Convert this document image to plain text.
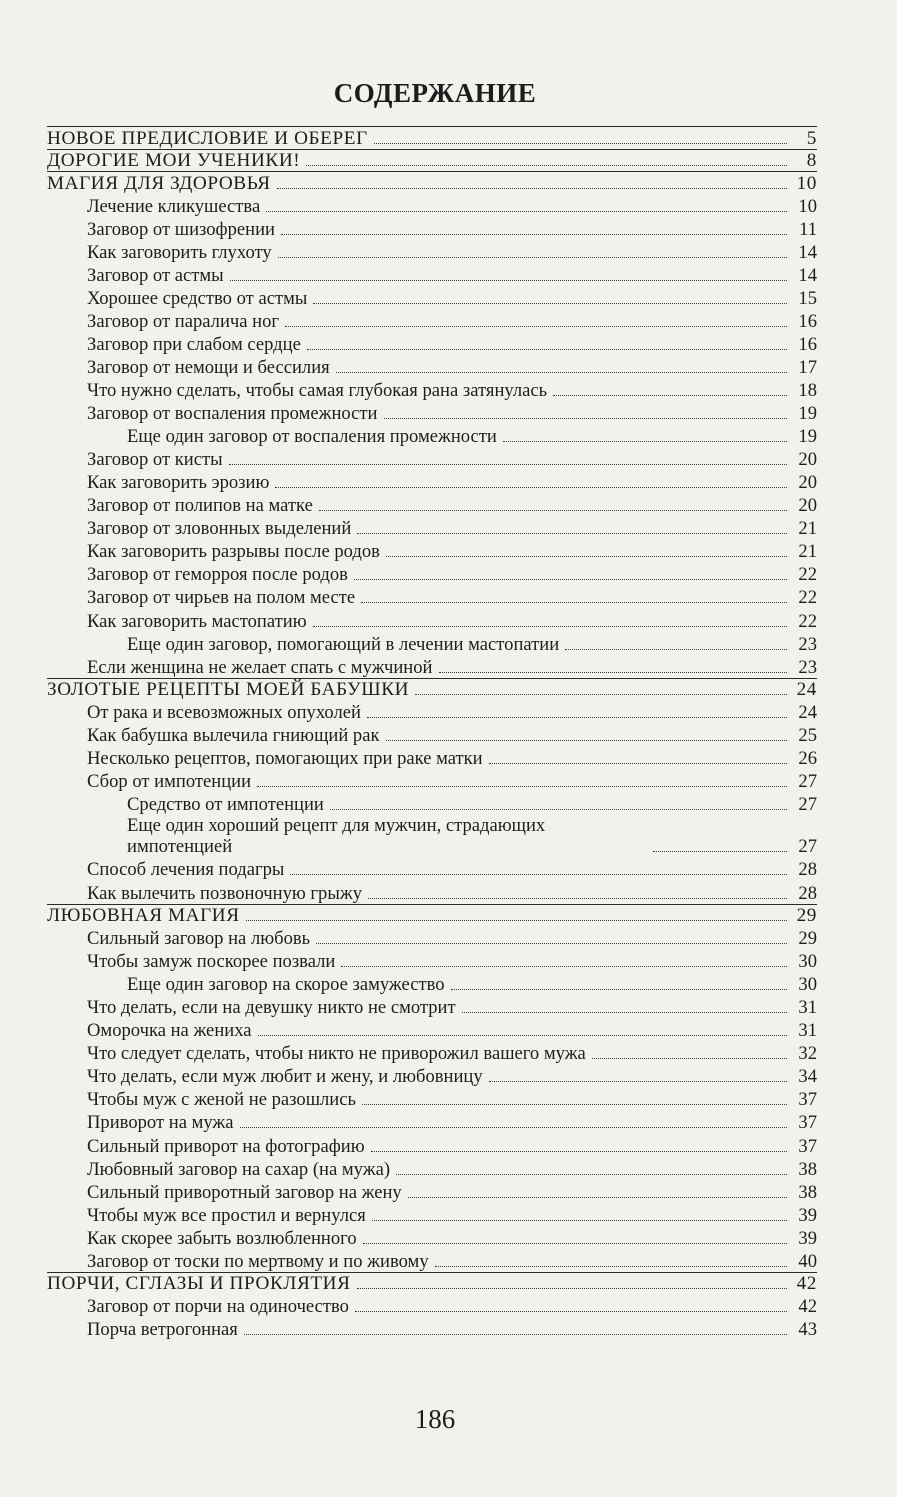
СОДЕРЖАНИЕ
НОВОЕ ПРЕДИСЛОВИЕ И ОБЕРЕГ	5
ДОРОГИЕ МОИ УЧЕНИКИ!	8
МАГИЯ ДЛЯ ЗДОРОВЬЯ	10
Лечение кликушества	10
Заговор от шизофрении	11
Как заговорить глухоту	14
Заговор от астмы	14
Хорошее средство от астмы	15
Заговор от паралича ног	16
Заговор при слабом сердце	16
Заговор от немощи и бессилия	17
Что нужно сделать, чтобы самая глубокая рана затянулась	18
Заговор от воспаления промежности	19
Еще один заговор от воспаления промежности	19
Заговор от кисты	20
Как заговорить эрозию	20
Заговор от полипов на матке	20
Заговор от зловонных выделений	21
Как заговорить разрывы после родов	21
Заговор от геморроя после родов	22
Заговор от чирьев на полом месте	22
Как заговорить мастопатию	22
Еще один заговор, помогающий в лечении мастопатии	23
Если женщина не желает спать с мужчиной	23
ЗОЛОТЫЕ РЕЦЕПТЫ МОЕЙ БАБУШКИ	24
От рака и всевозможных опухолей	24
Как бабушка вылечила гниющий рак	25
Несколько рецептов, помогающих при раке матки	26
Сбор от импотенции	27
Средство от импотенции	27
Еще один хороший рецепт для мужчин, страдающих импотенцией	27
Способ лечения подагры	28
Как вылечить позвоночную грыжу	28
ЛЮБОВНАЯ МАГИЯ	29
Сильный заговор на любовь	29
Чтобы замуж поскорее позвали	30
Еще один заговор на скорое замужество	30
Что делать, если на девушку никто не смотрит	31
Оморочка на жениха	31
Что следует сделать, чтобы никто не приворожил вашего мужа	32
Что делать, если муж любит и жену, и любовницу	34
Чтобы муж с женой не разошлись	37
Приворот на мужа	37
Сильный приворот на фотографию	37
Любовный заговор на сахар (на мужа)	38
Сильный приворотный заговор на жену	38
Чтобы муж все простил и вернулся	39
Как скорее забыть возлюбленного	39
Заговор от тоски по мертвому и по живому	40
ПОРЧИ, СГЛАЗЫ И ПРОКЛЯТИЯ	42
Заговор от порчи на одиночество	42
Порча ветрогонная	43
186
